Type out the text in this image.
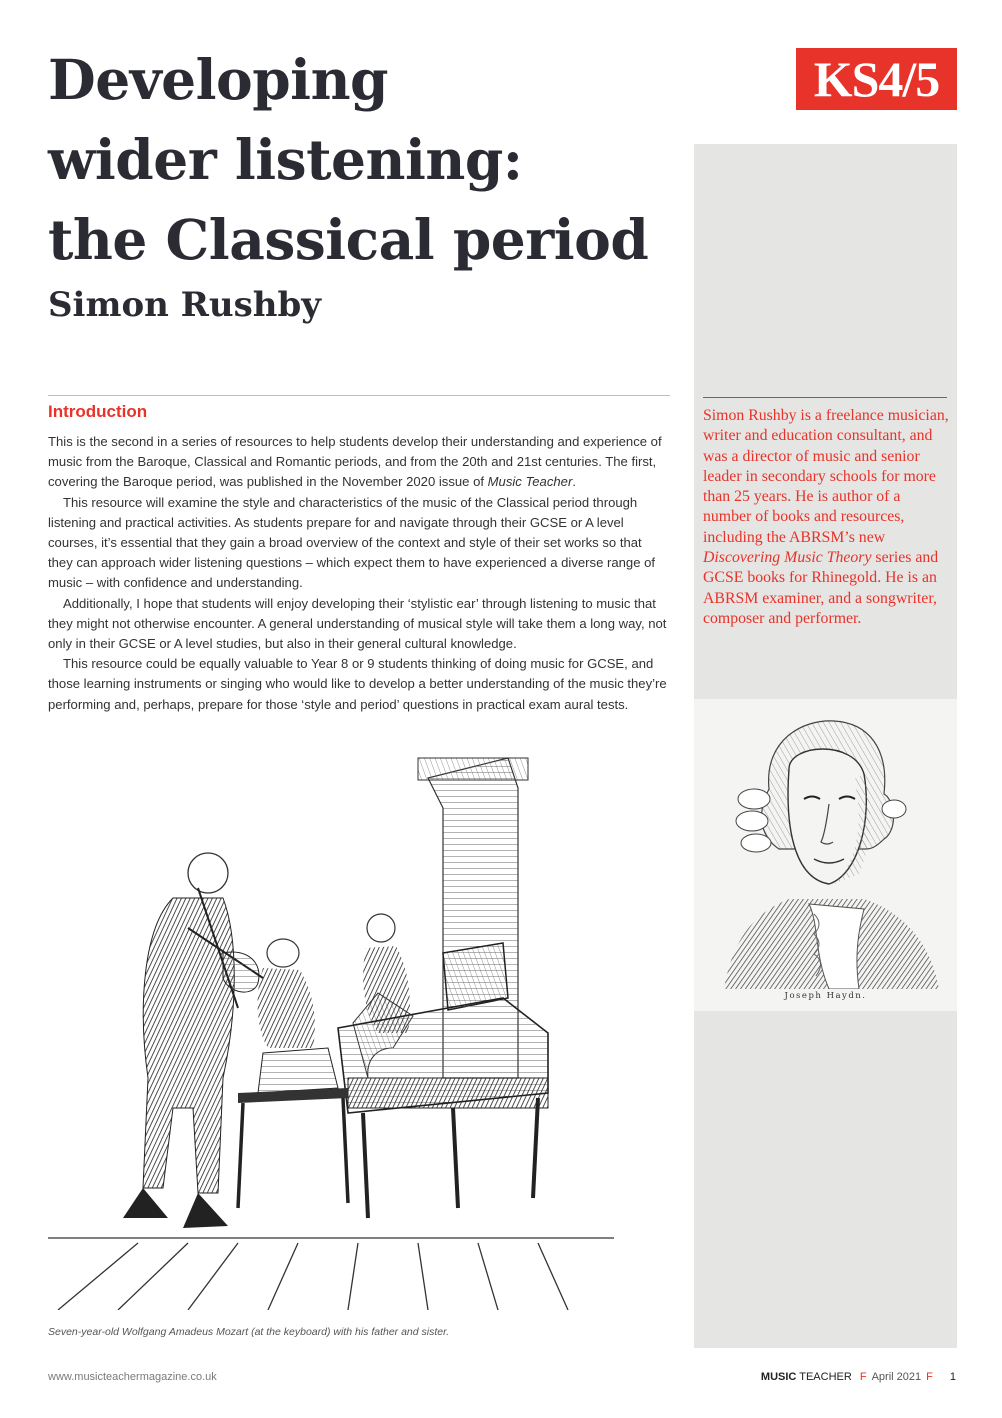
Developing
wider listening:
the Classical period
Simon Rushby
KS4/5
Introduction

This is the second in a series of resources to help students develop their understanding and experience of music from the Baroque, Classical and Romantic periods, and from the 20th and 21st centuries. The first, covering the Baroque period, was published in the November 2020 issue of Music Teacher.

This resource will examine the style and characteristics of the music of the Classical period through listening and practical activities. As students prepare for and navigate through their GCSE or A level courses, it’s essential that they gain a broad overview of the context and style of their set works so that they can approach wider listening questions – which expect them to have experienced a diverse range of music – with confidence and understanding.

Additionally, I hope that students will enjoy developing their ‘stylistic ear’ through listening to music that they might not otherwise encounter. A general understanding of musical style will take them a long way, not only in their GCSE or A level studies, but also in their general cultural knowledge.

This resource could be equally valuable to Year 8 or 9 students thinking of doing music for GCSE, and those learning instruments or singing who would like to develop a better understanding of the music they’re performing and, perhaps, prepare for those ‘style and period’ questions in practical exam aural tests.

Simon Rushby is a freelance musician, writer and education consultant, and was a director of music and senior leader in secondary schools for more than 25 years. He is author of a number of books and resources, including the ABRSM’s new Discovering Music Theory series and GCSE books for Rhinegold. He is an ABRSM examiner, and a songwriter, composer and performer.

Joseph Haydn.

Seven-year-old Wolfgang Amadeus Mozart (at the keyboard) with his father and sister.

www.musicteachermagazine.co.uk	MUSIC TEACHER F April 2021 F 1
